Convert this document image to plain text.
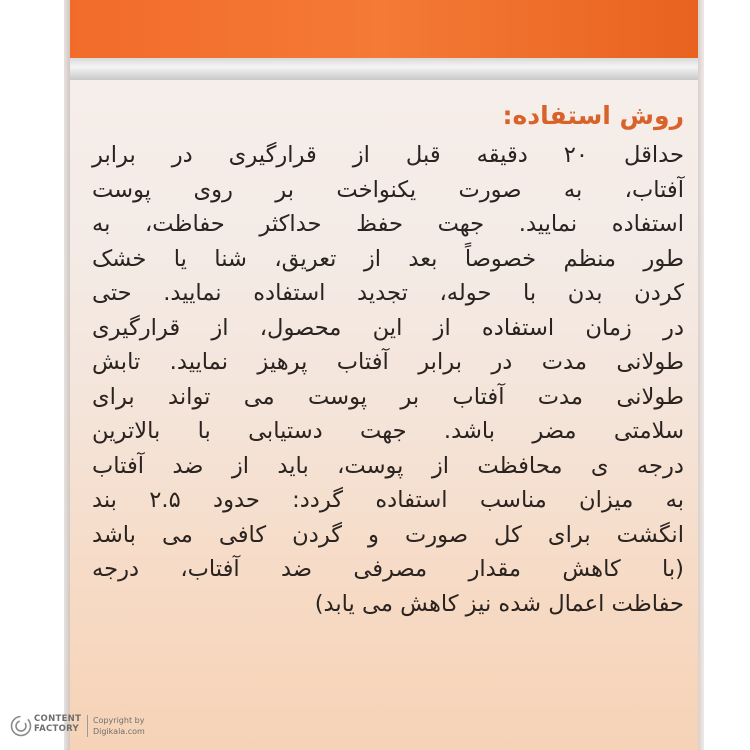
روش استفاده:
حداقل ۲۰ دقیقه قبل از قرارگیری در برابر
آفتاب، به صورت یکنواخت بر روی پوست
استفاده نمایید. جهت حفظ حداکثر حفاظت، به
طور منظم خصوصاً بعد از تعریق، شنا یا خشک
کردن بدن با حوله، تجدید استفاده نمایید. حتی
در زمان استفاده از این محصول، از قرارگیری
طولانی مدت در برابر آفتاب پرهیز نمایید. تابش
طولانی مدت آفتاب بر پوست می تواند برای
سلامتی مضر باشد. جهت دستیابی با بالاترین
درجه ی محافظت از پوست، باید از ضد آفتاب
به میزان مناسب استفاده گردد: حدود ۲.۵ بند
انگشت برای کل صورت و گردن کافی می باشد
(با کاهش مقدار مصرفی ضد آفتاب، درجه
حفاظت اعمال شده نیز کاهش می یابد)
CONTENT
FACTORY
Copyright by
Digikala.com
